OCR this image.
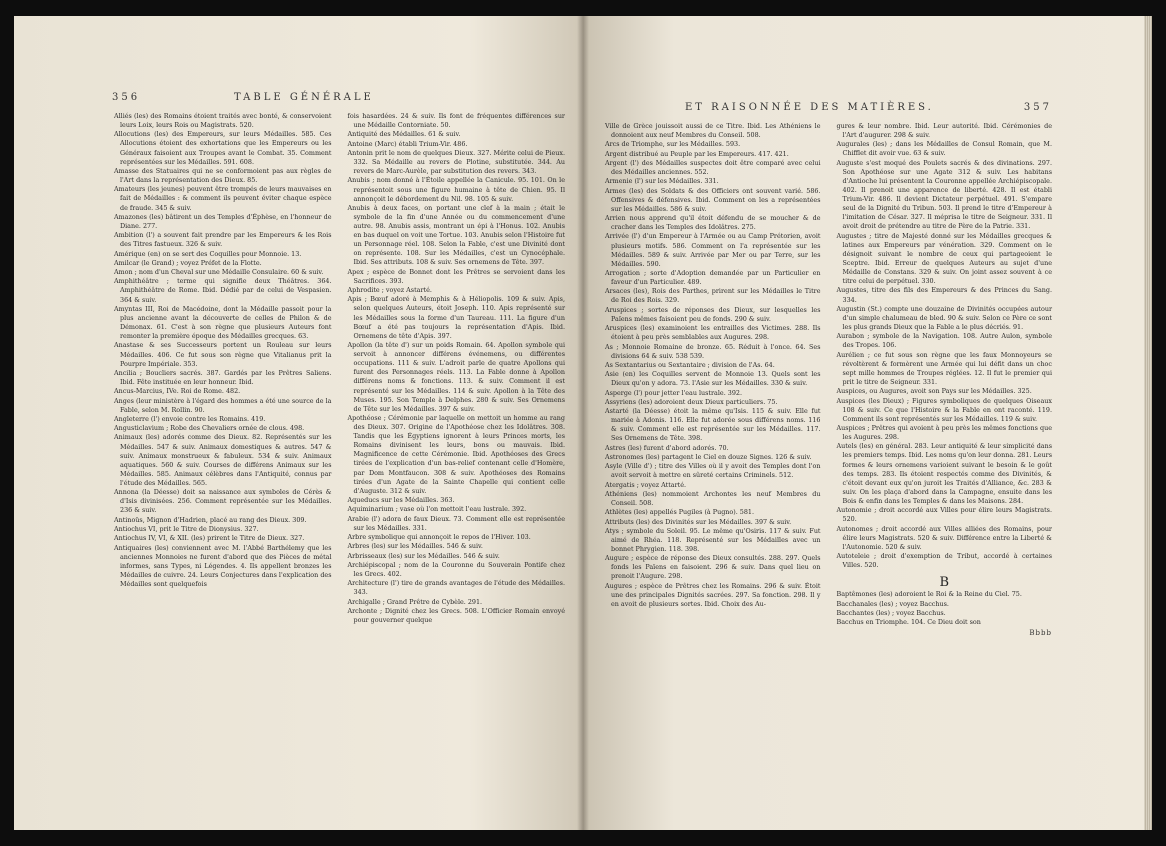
356	TABLE GÉNÉRALE

Alliés (les) des Romains étoient traités avec bonté, & conservoient leurs Loix, leurs Rois ou Magistrats. 520.

Allocutions (les) des Empereurs, sur leurs Médailles. 585. Ces Allocutions étoient des exhortations que les Empereurs ou les Généraux faisoient aux Troupes avant le Combat. 35. Comment représentées sur les Médailles. 591. 608.

Amasse des Statuaires qui ne se conformoient pas aux règles de l'Art dans la représentation des Dieux. 85.

Amateurs (les jeunes) peuvent être trompés de leurs mauvaises en fait de Médailles : & comment ils peuvent éviter chaque espèce de fraude. 345 & suiv.

Amazones (les) bâtirent un des Temples d'Éphèse, en l'honneur de Diane. 277.

Ambition (l') a souvent fait prendre par les Empereurs & les Rois des Titres fastueux. 326 & suiv.

Amérique (en) on se sert des Coquilles pour Monnoie. 13.

Amilcar (le Grand) ; voyez Préfet de la Flotte.

Amon ; nom d'un Cheval sur une Médaille Consulaire. 60 & suiv.

Amphithéâtre ; terme qui signifie deux Théâtres. 364. Amphithéâtre de Rome. Ibid. Dédié par de celui de Vespasien. 364 & suiv.

Amyntas III, Roi de Macédoine, dont la Médaille passoit pour la plus ancienne avant la découverte de celles de Philon & de Démonax. 61. C'est à son règne que plusieurs Auteurs font remonter la première époque des Médailles grecques. 63.

Anastase & ses Successeurs portent un Rouleau sur leurs Médailles. 406. Ce fut sous son règne que Vitalianus prit la Pourpre Impériale. 353.

Ancilia ; Boucliers sacrés. 387. Gardés par les Prêtres Saliens. Ibid. Fête instituée en leur honneur. Ibid.

Ancus-Marcius, IVe. Roi de Rome. 482.

Anges (leur ministère à l'égard des hommes a été une source de la Fable, selon M. Rollin. 90.

Angleterre (l') envoie contre les Romains. 419.

Angusticlavium ; Robe des Chevaliers ornée de clous. 498.

Animaux (les) adorés comme des Dieux. 82. Représentés sur les Médailles. 547 & suiv. Animaux domestiques & autres. 547 & suiv. Animaux monstrueux & fabuleux. 534 & suiv. Animaux aquatiques. 560 & suiv. Courses de différens Animaux sur les Médailles. 585. Animaux célèbres dans l'Antiquité, connus par l'étude des Médailles. 565.

Annona (la Déesse) doit sa naissance aux symboles de Cérès & d'Isis divinisées. 256. Comment représentée sur les Médailles. 236 & suiv.

Antinoüs, Mignon d'Hadrien, placé au rang des Dieux. 309.

Antiochus VI, prit le Titre de Dionysius. 327.

Antiochus IV, VI, & XII. (les) prirent le Titre de Dieux. 327.

Antiquaires (les) conviennent avec M. l'Abbé Barthélemy que les anciennes Monnoies ne furent d'abord que des Pièces de métal informes, sans Types, ni Légendes. 4. Ils appellent bronzes les Médailles de cuivre. 24. Leurs Conjectures dans l'explication des Médailles sont quelquefois

fois hasardées. 24 & suiv. Ils font de fréquentes différences sur une Médaille Contorniate. 50.

Antiquité des Médailles. 61 & suiv.

Antoine (Marc) établi Trium-Vir. 486.

Antonin prit le nom de quelques Dieux. 327. Mérite celui de Pieux. 332. Sa Médaille au revers de Plotine, substitutée. 344. Au revers de Marc-Aurèle, par substitution des revers. 343.

Anubis ; nom donné à l'Étoile appellée la Canicule. 95. 101. On le représentoit sous une figure humaine à tête de Chien. 95. Il annonçoit le débordement du Nil. 98. 105 & suiv.

Anubis à deux faces, on portant une clef à la main ; était le symbole de la fin d'une Année ou du commencement d'une autre. 98. Anubis assis, montrant un épi à l'Honus. 102. Anubis en bas duquel on voit une Tortue. 103. Anubis selon l'Histoire fut un Personnage réel. 108. Selon la Fable, c'est une Divinité dont on représente. 108. Sur les Médailles, c'est un Cynocéphale. Ibid. Ses attributs. 108 & suiv. Ses ornemens de Tête. 397.

Apex ; espèce de Bonnet dont les Prêtres se servoient dans les Sacrifices. 393.

Aphrodite ; voyez Astarté.

Apis ; Bœuf adoré à Memphis & à Héliopolis. 109 & suiv. Apis, selon quelques Auteurs, étoit Joseph. 110. Apis représenté sur les Médailles sous la forme d'un Taureau. 111. La figure d'un Bœuf a été pas toujours la représentation d'Apis. Ibid. Ornemens de tête d'Apis. 397.

Apollon (la tête d') sur un poids Romain. 64. Apollon symbole qui servoit à annoncer différens événemens, ou différentes occupations. 111 & suiv. L'adroit parle de quatre Apollons qui furent des Personnages réels. 113. La Fable donne à Apollon différens noms & fonctions. 113. & suiv. Comment il est représenté sur les Médailles. 114 & suiv. Apollon à la Tête des Muses. 195. Son Temple à Delphes. 280 & suiv. Ses Ornemens de Tête sur les Médailles. 397 & suiv.

Apothéose ; Cérémonie par laquelle on mettoit un homme au rang des Dieux. 307. Origine de l'Apothéose chez les Idolâtres. 308. Tandis que les Égyptiens ignorent à leurs Princes morts, les Romains divinisent les leurs, bons ou mauvais. Ibid. Magnificence de cette Cérémonie. Ibid. Apothéoses des Grecs tirées de l'explication d'un bas-relief contenant celle d'Homère, par Dom Montfaucon. 308 & suiv. Apothéoses des Romains tirées d'un Agate de la Sainte Chapelle qui contient celle d'Auguste. 312 & suiv.

Aqueducs sur les Médailles. 363.

Aquiminarium ; vase où l'on mettoit l'eau lustrale. 392.

Arabie (l') adora de faux Dieux. 73. Comment elle est représentée sur les Médailles. 331.

Arbre symbolique qui annonçoit le repos de l'Hiver. 103.

Arbres (les) sur les Médailles. 546 & suiv.

Arbrisseaux (les) sur les Médailles. 546 & suiv.

Archiépiscopal ; nom de la Couronne du Souverain Pontife chez les Grecs. 402.

Architecture (l') tire de grands avantages de l'étude des Médailles. 343.

Archigalle ; Grand Prêtre de Cybèle. 291.

Archonte ; Dignité chez les Grecs. 508. L'Officier Romain envoyé pour gouverner quelque

ET RAISONNÉE DES MATIÈRES.	357

Ville de Grèce jouissoit aussi de ce Titre. Ibid. Les Athéniens le donnoient aux neuf Membres du Conseil. 508.

Arcs de Triomphe, sur les Médailles. 593.

Argent distribué au Peuple par les Empereurs. 417. 421.

Argent (l') des Médailles suspectes doit être comparé avec celui des Médailles anciennes. 552.

Armenie (l') sur les Médailles. 331.

Armes (les) des Soldats & des Officiers ont souvent varié. 586. Offensives & défensives. Ibid. Comment on les a représentées sur les Médailles. 586 & suiv.

Arrien nous apprend qu'il étoit défendu de se moucher & de cracher dans les Temples des Idolâtres. 275.

Arrivée (l') d'un Empereur à l'Armée ou au Camp Prétorien, avoit plusieurs motifs. 586. Comment on l'a représentée sur les Médailles. 589 & suiv. Arrivée par Mer ou par Terre, sur les Médailles. 590.

Arrogation ; sorte d'Adoption demandée par un Particulier en faveur d'un Particulier. 489.

Arsaces (les), Rois des Parthes, prirent sur les Médailles le Titre de Roi des Rois. 329.

Aruspices ; sortes de réponses des Dieux, sur lesquelles les Païens mêmes faisoient peu de fonds. 290 & suiv.

Aruspices (les) examinoient les entrailles des Victimes. 288. Ils étoient à peu près semblables aux Augures. 298.

As ; Monnoie Romaine de bronze. 65. Réduit à l'once. 64. Ses divisions 64 & suiv. 538 539.

As Sextantarius ou Sextantaire ; division de l'As. 64.

Asie (en) les Coquilles servent de Monnoie 13. Quels sont les Dieux qu'on y adora. 73. l'Asie sur les Médailles. 330 & suiv.

Asperge (l') pour jetter l'eau lustrale. 392.

Assyriens (les) adoroient deux Dieux particuliers. 75.

Astarté (la Déesse) étoit la même qu'Isis. 115 & suiv. Elle fut mariée à Adonis. 116. Elle fut adorée sous différens noms. 116 & suiv. Comment elle est représentée sur les Médailles. 117. Ses Ornemens de Tête. 398.

Astres (les) furent d'abord adorés. 70.

Astronomes (les) partagent le Ciel en douze Signes. 126 & suiv.

Asyle (Ville d') ; titre des Villes où il y avoit des Temples dont l'on avoit servoit à mettre en sûreté certains Criminels. 512.

Atergatis ; voyez Attarté.

Athéniens (les) nommoient Archontes les neuf Membres du Conseil. 508.

Athlètes (les) appellés Pugiles (à Pugno). 581.

Attributs (les) des Divinités sur les Médailles. 397 & suiv.

Atys ; symbole du Soleil. 95. Le même qu'Osiris. 117 & suiv. Fut aimé de Rhéa. 118. Représenté sur les Médailles avec un bonnet Phrygien. 118. 398.

Augure ; espèce de réponse des Dieux consultés. 288. 297. Quels fonds les Païens en faisoient. 296 & suiv. Dans quel lieu on prenoit l'Augure. 298.

Augures ; espèce de Prêtres chez les Romains. 296 & suiv. Étoit une des principales Dignités sacrées. 297. Sa fonction. 298. Il y en avoit de plusieurs sortes. Ibid. Choix des Au-

gures & leur nombre. Ibid. Leur autorité. Ibid. Cérémonies de l'Art d'augurer. 298 & suiv.

Augurales (les) ; dans les Médailles de Consul Romain, que M. Chifflet dit avoir vue. 63 & suiv.

Auguste s'est moqué des Poulets sacrés & des divinations. 297. Son Apothéose sur une Agate 312 & suiv. Les habitans d'Antioche lui présentent la Couronne appellée Archiépiscopale. 402. Il prenoit une apparence de liberté. 428. Il est établi Trium-Vir. 486. Il devient Dictateur perpétuel. 491. S'empare seul de la Dignité du Tribun. 503. Il prend le titre d'Empereur à l'imitation de César. 327. Il méprisa le titre de Seigneur. 331. Il avoit droit de prétendre au titre de Père de la Patrie. 331.

Augustes ; titre de Majesté donné sur les Médailles grecques & latines aux Empereurs par vénération. 329. Comment on le désignoit suivant le nombre de ceux qui partageoient le Sceptre. Ibid. Erreur de quelques Auteurs au sujet d'une Médaille de Constans. 329 & suiv. On joint assez souvent à ce titre celui de perpétuel. 330.

Augustes, titre des fils des Empereurs & des Princes du Sang. 334.

Augustin (St.) compte une douzaine de Divinités occupées autour d'un simple chalumeau de bled. 90 & suiv. Selon ce Père ce sont les plus grands Dieux que la Fable a le plus décriés. 91.

Aurabon ; symbole de la Navigation. 108. Autre Aulon, symbole des Tropes. 106.

Aurélien ; ce fut sous son règne que les faux Monnoyeurs se révoltèrent & formèrent une Armée qui lui défit dans un choc sept mille hommes de Troupes réglées. 12. Il fut le premier qui prit le titre de Seigneur. 331.

Auspices, ou Augures, avoit son Pays sur les Médailles. 325.

Auspices (les Dieux) ; Figures symboliques de quelques Oiseaux 108 & suiv. Ce que l'Histoire & la Fable en ont raconté. 119. Comment ils sont représentés sur les Médailles. 119 & suiv.

Auspices ; Prêtres qui avoient à peu près les mêmes fonctions que les Augures. 298.

Autels (les) en général. 283. Leur antiquité & leur simplicité dans les premiers temps. Ibid. Les noms qu'on leur donna. 281. Leurs formes & leurs ornemens varioient suivant le besoin & le goût des temps. 283. Ils étoient respectés comme des Divinités, & c'étoit devant eux qu'on juroit les Traités d'Alliance, &c. 283 & suiv. On les plaça d'abord dans la Campagne, ensuite dans les Bois & enfin dans les Temples & dans les Maisons. 284.

Autonomie ; droit accordé aux Villes pour élire leurs Magistrats. 520.

Autonomes ; droit accordé aux Villes alliées des Romains, pour élire leurs Magistrats. 520 & suiv. Différence entre la Liberté & l'Autonomie. 520 & suiv.

Autoteleie ; droit d'exemption de Tribut, accordé à certaines Villes. 520.

B

Baptêmones (les) adoroient le Roi & la Reine du Ciel. 75.

Bacchanales (les) ; voyez Bacchus.

Bacchantes (les) ; voyez Bacchus.

Bacchus en Triomphe. 104. Ce Dieu doit son

Bbbb
